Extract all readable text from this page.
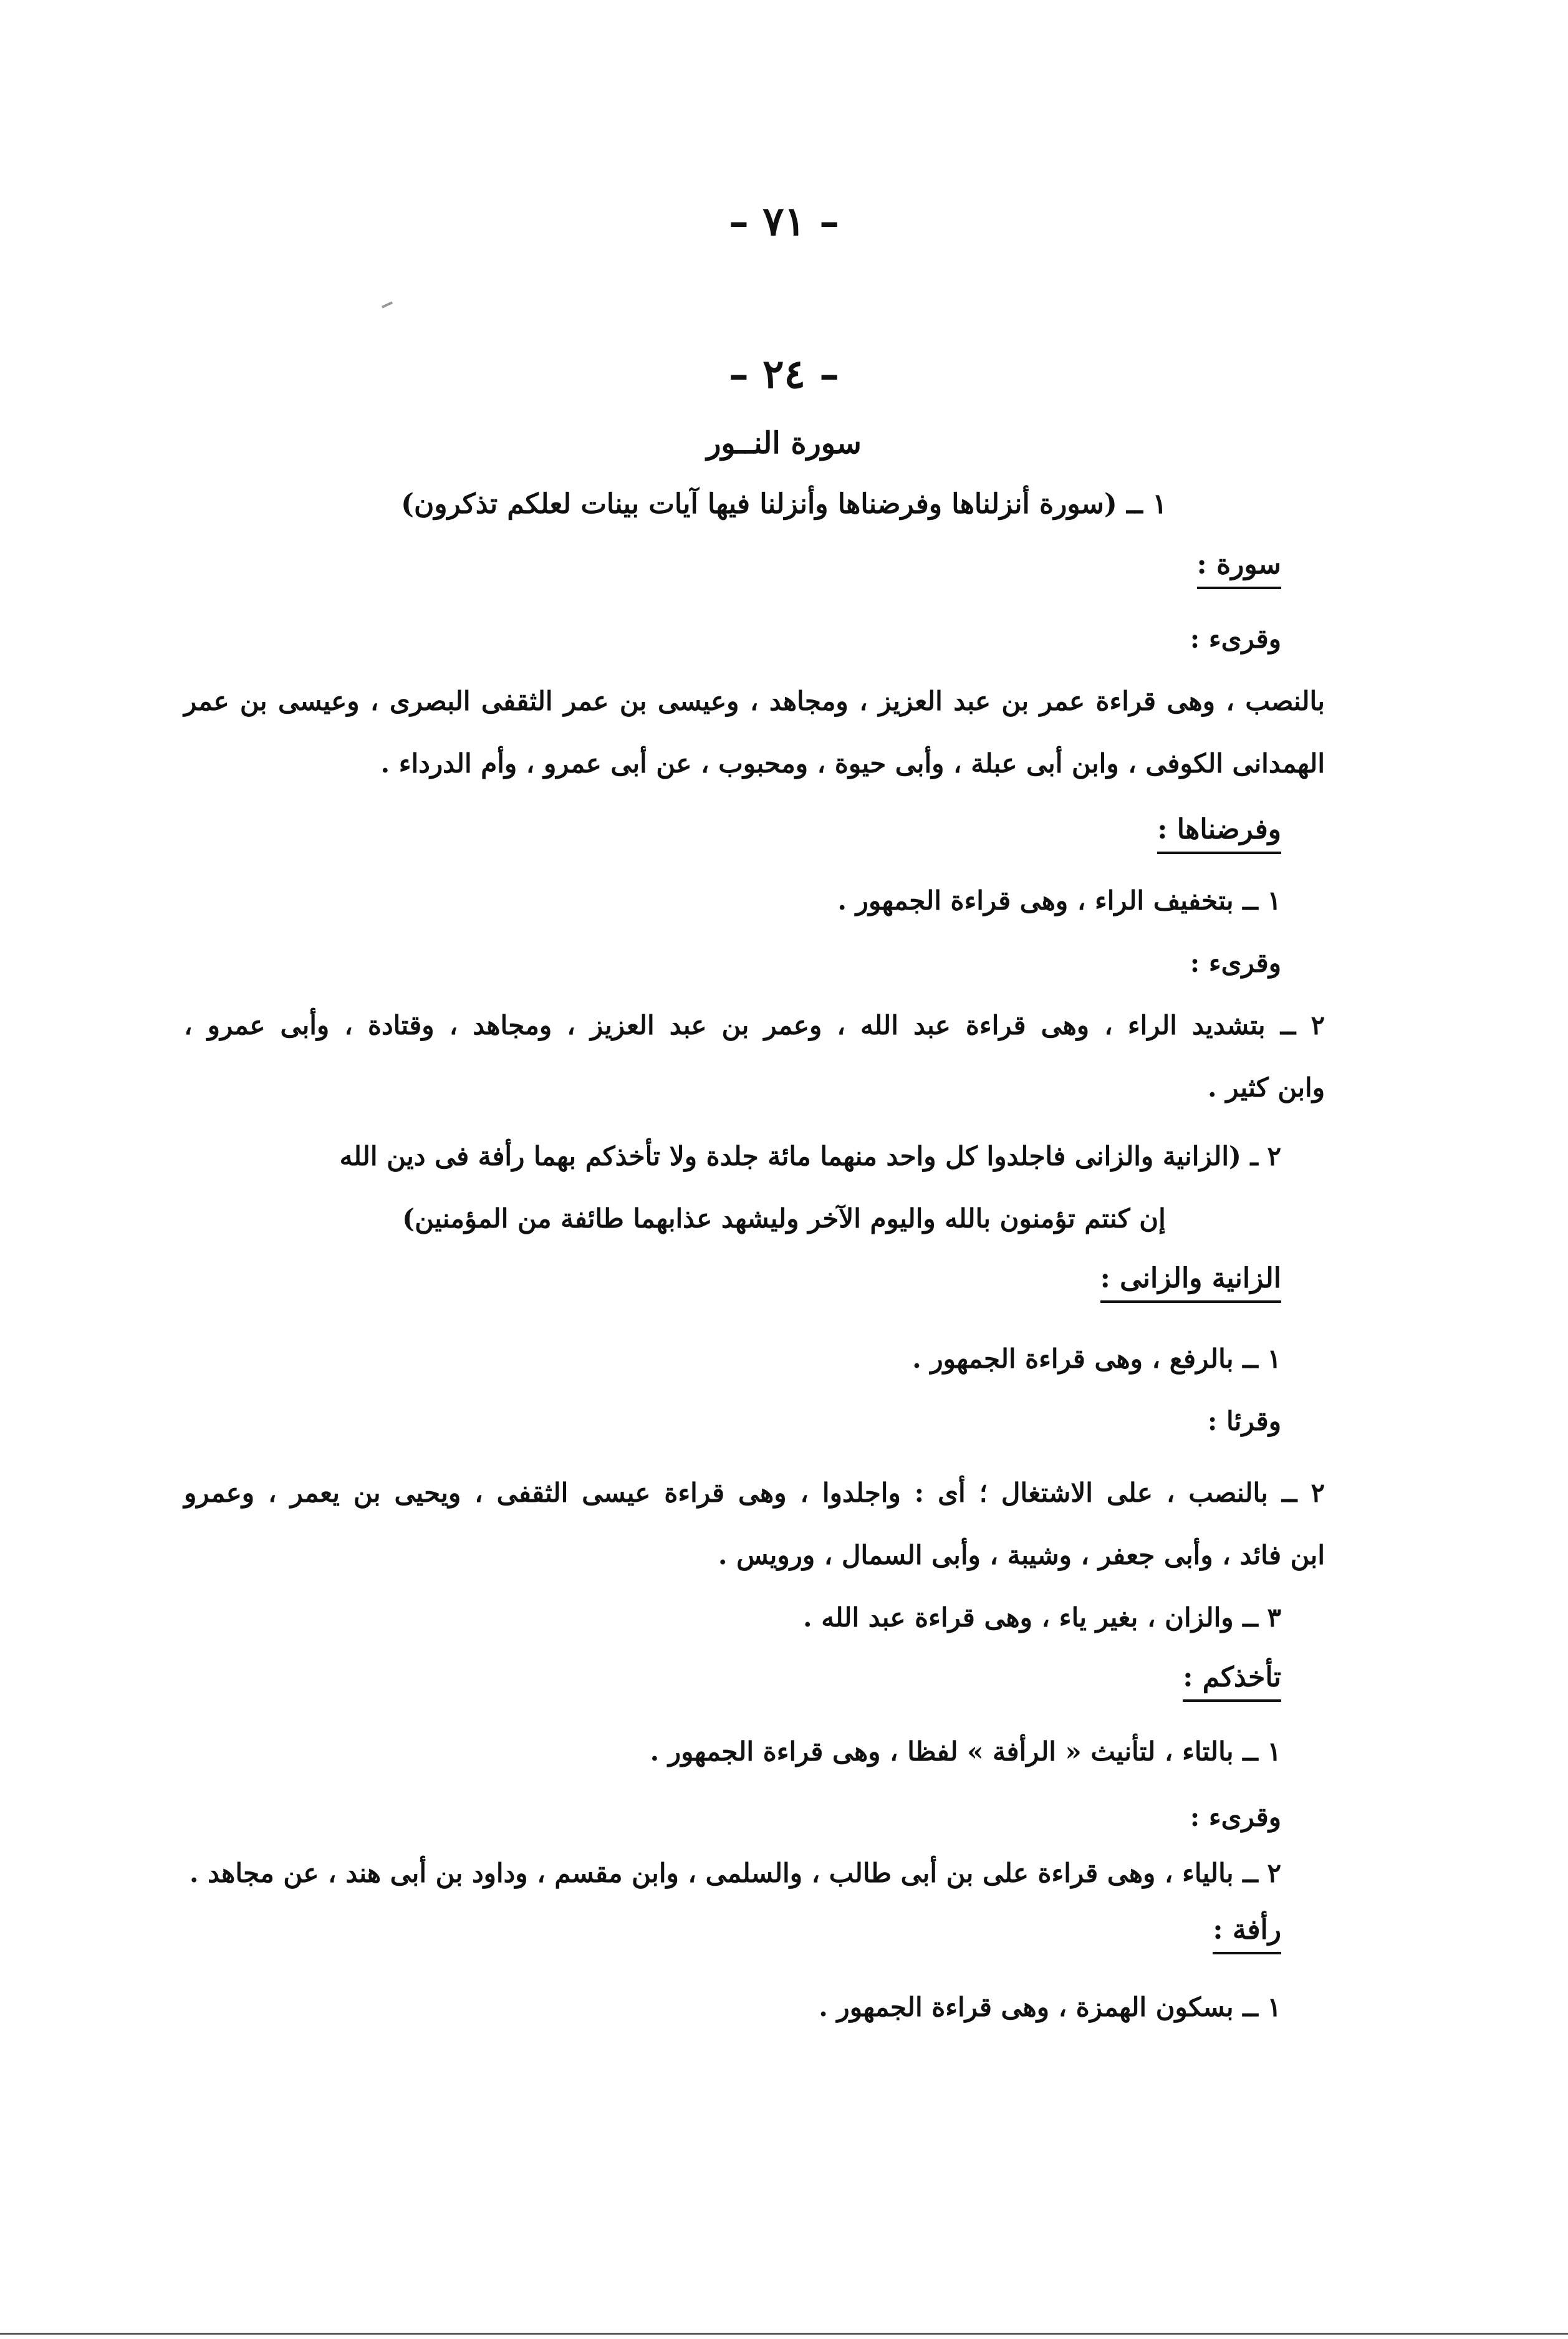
– ٧١ –
– ٢٤ –
سورة النــور
١ ــ (سورة أنزلناها وفرضناها وأنزلنا فيها آيات بينات لعلكم تذكرون)
سورة :
وقرىء :
بالنصب ، وهى قراءة عمر بن عبد العزيز ، ومجاهد ، وعيسى بن عمر الثقفى البصرى ، وعيسى بن عمر
الهمدانى الكوفى ، وابن أبى عبلة ، وأبى حيوة ، ومحبوب ، عن أبى عمرو ، وأم الدرداء .
وفرضناها :
١ ــ بتخفيف الراء ، وهى قراءة الجمهور .
وقرىء :
٢ ــ بتشديد الراء ، وهى قراءة عبد الله ، وعمر بن عبد العزيز ، ومجاهد ، وقتادة ، وأبى عمرو ،
وابن كثير .
٢ ـ (الزانية والزانى فاجلدوا كل واحد منهما مائة جلدة ولا تأخذكم بهما رأفة فى دين الله
إن كنتم تؤمنون بالله واليوم الآخر وليشهد عذابهما طائفة من المؤمنين)
الزانية والزانى :
١ ــ بالرفع ، وهى قراءة الجمهور .
وقرئا :
٢ ــ بالنصب ، على الاشتغال ؛ أى : واجلدوا ، وهى قراءة عيسى الثقفى ، ويحيى بن يعمر ، وعمرو
ابن فائد ، وأبى جعفر ، وشيبة ، وأبى السمال ، ورويس .
٣ ــ والزان ، بغير ياء ، وهى قراءة عبد الله .
تأخذكم :
١ ــ بالتاء ، لتأنيث « الرأفة » لفظا ، وهى قراءة الجمهور .
وقرىء :
٢ ــ بالياء ، وهى قراءة على بن أبى طالب ، والسلمى ، وابن مقسم ، وداود بن أبى هند ، عن مجاهد .
رأفة :
١ ــ بسكون الهمزة ، وهى قراءة الجمهور .
